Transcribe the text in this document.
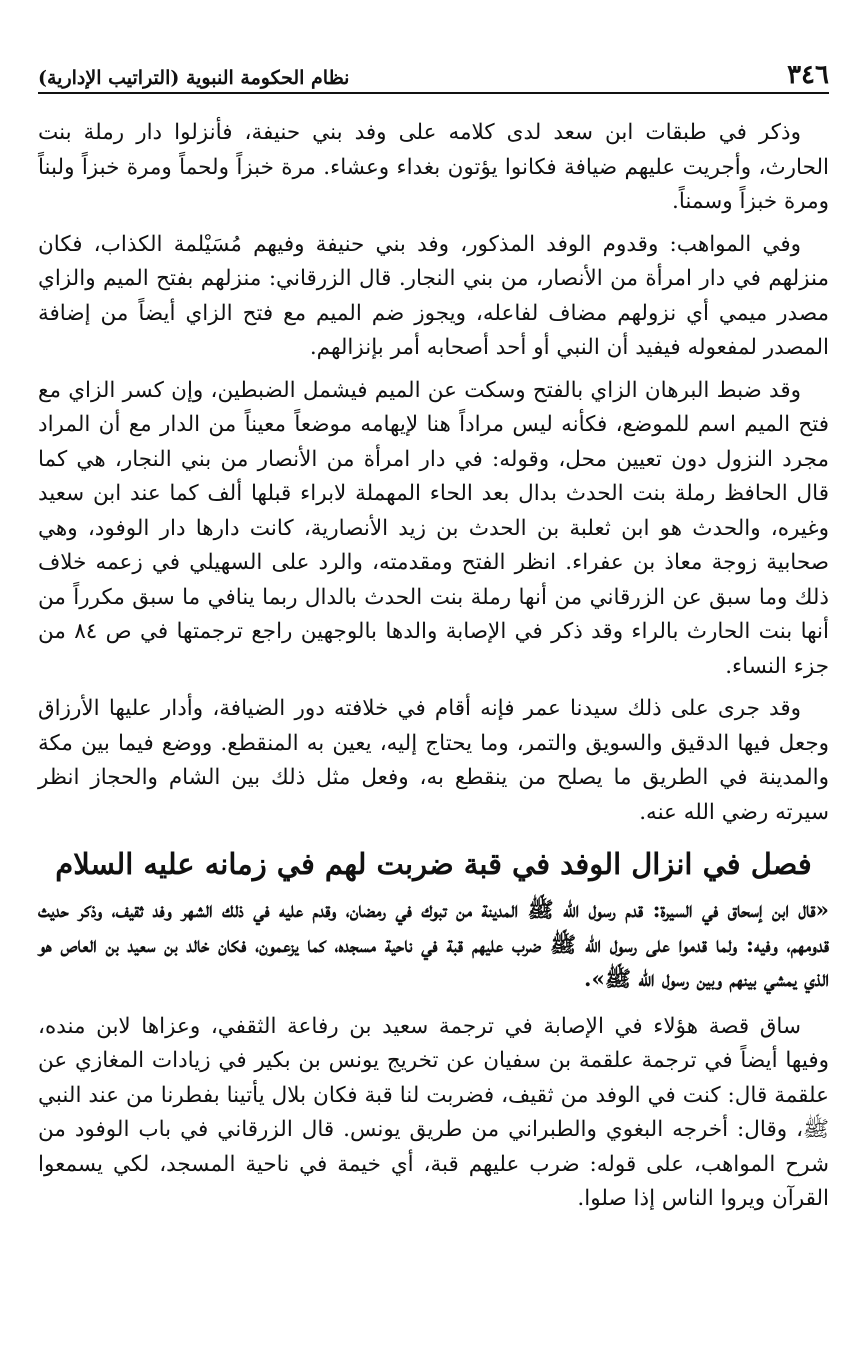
٣٤٦
نظام الحكومة النبوية (التراتيب الإدارية)

وذكر في طبقات ابن سعد لدى كلامه على وفد بني حنيفة، فأنزلوا دار رملة بنت الحارث، وأجريت عليهم ضيافة فكانوا يؤتون بغداء وعشاء. مرة خبزاً ولحماً ومرة خبزاً ولبناً ومرة خبزاً وسمناً.

وفي المواهب: وقدوم الوفد المذكور، وفد بني حنيفة وفيهم مُسَيْلمة الكذاب، فكان منزلهم في دار امرأة من الأنصار، من بني النجار. قال الزرقاني: منزلهم بفتح الميم والزاي مصدر ميمي أي نزولهم مضاف لفاعله، ويجوز ضم الميم مع فتح الزاي أيضاً من إضافة المصدر لمفعوله فيفيد أن النبي أو أحد أصحابه أمر بإنزالهم.

وقد ضبط البرهان الزاي بالفتح وسكت عن الميم فيشمل الضبطين، وإن كسر الزاي مع فتح الميم اسم للموضع، فكأنه ليس مراداً هنا لإيهامه موضعاً معيناً من الدار مع أن المراد مجرد النزول دون تعيين محل، وقوله: في دار امرأة من الأنصار من بني النجار، هي كما قال الحافظ رملة بنت الحدث بدال بعد الحاء المهملة لابراء قبلها ألف كما عند ابن سعيد وغيره، والحدث هو ابن ثعلبة بن الحدث بن زيد الأنصارية، كانت دارها دار الوفود، وهي صحابية زوجة معاذ بن عفراء. انظر الفتح ومقدمته، والرد على السهيلي في زعمه خلاف ذلك وما سبق عن الزرقاني من أنها رملة بنت الحدث بالدال ربما ينافي ما سبق مكرراً من أنها بنت الحارث بالراء وقد ذكر في الإصابة والدها بالوجهين راجع ترجمتها في ص ٨٤ من جزء النساء.

وقد جرى على ذلك سيدنا عمر فإنه أقام في خلافته دور الضيافة، وأدار عليها الأرزاق وجعل فيها الدقيق والسويق والتمر، وما يحتاج إليه، يعين به المنقطع. ووضع فيما بين مكة والمدينة في الطريق ما يصلح من ينقطع به، وفعل مثل ذلك بين الشام والحجاز انظر سيرته رضي الله عنه.

فصل في انزال الوفد في قبة ضربت لهم في زمانه عليه السلام

«قال ابن إسحاق في السيرة: قدم رسول الله ﷺ المدينة من تبوك في رمضان، وقدم عليه في ذلك الشهر وفد ثقيف، وذكر حديث قدومهم، وفيه: ولما قدموا على رسول الله ﷺ ضرب عليهم قبة في ناحية مسجده، كما يزعمون، فكان خالد بن سعيد بن العاص هو الذي يمشي بينهم وبين رسول الله ﷺ».

ساق قصة هؤلاء في الإصابة في ترجمة سعيد بن رفاعة الثقفي، وعزاها لابن منده، وفيها أيضاً في ترجمة علقمة بن سفيان عن تخريج يونس بن بكير في زيادات المغازي عن علقمة قال: كنت في الوفد من ثقيف، فضربت لنا قبة فكان بلال يأتينا بفطرنا من عند النبي ﷺ، وقال: أخرجه البغوي والطبراني من طريق يونس. قال الزرقاني في باب الوفود من شرح المواهب، على قوله: ضرب عليهم قبة، أي خيمة في ناحية المسجد، لكي يسمعوا القرآن ويروا الناس إذا صلوا.
